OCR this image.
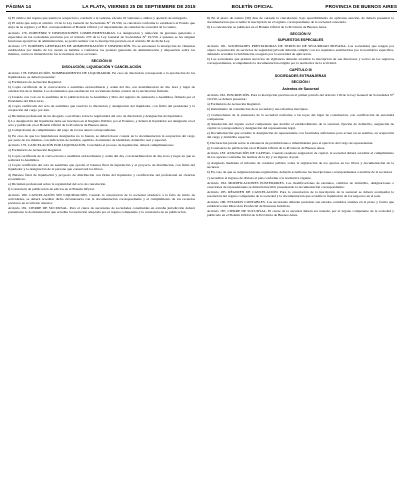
PÁGINA 14	LA PLATA, VIERNES 25 DE SEPTIEMBRE DE 2015	PROVINCIA DE BUENOS AIRES
BOLETÍN OFICIAL

b) El cultivo del órgano que asuma la ocupación o conducir a la ventana, exceda 10 ventanas o ambos y apelarlo de entregarlo.

2) El saldo que surja al artículo 13 de la Ley General de Sociedades N° 19.550, se cancelará conforme lo establezca el Estado que surja de su registro y el Bol. correspondiente al Boletín Oficial y el departamento de cantidad de sociedad de la cuenta.

Artículo 176. PORVENIR Y DISPOSICIONES COMPLEMENTARIAS. La designación y remoción de gerentes generales o especiales en las sociedades previstas por el artículo 270 de la Ley General de Sociedades N° 19.550, a quienes se les asignen funciones ejecutivas de administración, se podrá realizar con la inscripción prevista en el artículo 60 de dicha Ley.

Artículo 177. PODERES GENERALES DE ADMINISTRACIÓN Y DISPOSICIÓN. No se autorizará la inscripción de cláusulas establecidas por medio de los cuales se habilite a conferirse los poderes generales de administración y disposición sobre los mismos, contra la titularidad de los accionistas de las acciones.

SECCIÓN III

DISOLUCIÓN, LIQUIDACIÓN Y CANCELACIÓN

Artículo 178. DISOLUCIÓN, NOMBRAMIENTO DE LIQUIDADOR. En caso de disolución corresponde a la aprobación de los liquidadores, se deberá presentar:

a) Formulario de Actuación Registral.

b) Copia certificada de la convocatoria a asamblea extraordinaria y orden del día, con determinación de día, hora y lugar de celebración de la misma. Los documentos que establecen los accionistas deben constar de la declaración firmada.

c) Cuando con voto en la asamblea de la publicación de la Asamblea y libro del registro de asistencia a Asamblea, firmada por el Presidente del Directorio.

d) Copia certificada del acta de asamblea que resolvió la disolución y designación del liquidador, con firma del presidente y la aceptación del cargo por éste.

e) Dictamen profesional de un abogado o escribano sobre la regularidad del acto de disolución y designación de liquidador.

f) La designación del liquidador debe ser inscripta en el Registro Público por el Estatuto, y deberá el liquidador ser designado en el acta y publicado en el Boletín Oficial de la Provincia de Buenos Aires.

g) Comprobante de cumplimiento del pago de la tasa anual correspondiente.

h) En caso de que los liquidadores designados no lo fueran, se deberá hacer constar en la documentación la aceptación del cargo por parte de los mismos, con indicación de nombre, apellido, documento de identidad, domicilio real y especial.

Artículo 179. CANCELACIÓN POR LIQUIDACIÓN. Concluida el proceso de liquidación, deberá cumplimentarse:

a) Formulario de Actuación Registral.

b) Copia certificada de la convocatoria a asamblea extraordinaria y orden del día, con determinación de día, hora y lugar en que se realizará la Asamblea.

c) Copia certificada del acta de asamblea que aprobó el balance final de liquidación y el proyecto de distribución, con firma del liquidador y la designación de la persona que conservará los libros.

d) Balance final de liquidación y proyecto de distribución con firma del liquidador y certificación del profesional en ciencias económicas.

e) Dictamen profesional sobre la regularidad del acto de cancelación.

f) Constancia de publicación de edictos en el Boletín Oficial.

Artículo 180. CANCELACIÓN SIN LIQUIDACIÓN. Cuando la cancelación de la sociedad obedezca a la falta de inicio de actividades, se deberá acreditar dicha circunstancia con la documentación correspondiente y el cumplimiento de los recaudos previstos en el artículo anterior.

Artículo 181. CIERRE DE SUCURSAL. Para el cierre de sucursales de sociedades constituidas en extraña jurisdicción deberá presentarse la documentación que acredite la resolución adoptada por el órgano competente y la constancia de su publicación.

8) En el plazo de treinta (30) días de cursada la cancelación, bajo apercibimiento de aplicarse sanción, de deberá presentar la documentación que acredite la inscripción en el registro correspondiente de la sociedad cancelada.

9) La cancelación se publicará en el Boletín Oficial de la Provincia de Buenos Aires.

SECCIÓN IV

SUPUESTOS ESPECIALES

Artículo 181. SOCIEDADES PRESTADORAS DE SERVICIO DE SEGURIDAD PRIVADA. Las sociedades que tengan por objeto la prestación de servicios de seguridad privada deberán cumplir con los requisitos establecidos por la normativa específica, debiendo acreditar la habilitación otorgada por la autoridad de aplicación.

b) Las sociedades que presten servicios de vigilancia deberán acreditar la inscripción de sus directores y socios en los registros correspondientes, acompañando la documentación exigida por la normativa de la actividad.

CAPÍTULO III

SOCIEDADES EXTRANJERAS

SECCIÓN I

Asientos de Sucursal

Artículo 182. INSCRIPCIÓN. Para la inscripción prevista en el primer párrafo del artículo 118 de la Ley General de Sociedades N° 19.550, se deberá presentar:

a) Formulario de Actuación Registral.

b) Instrumento de constitución de la sociedad y sus reformas inscriptas.

c) Comprobante de la existencia de la sociedad conforme a las leyes del lugar de constitución, con certificación de autoridad competente.

d) Resolución del órgano social competente que decidió el establecimiento de la sucursal, fijación de domicilio, asignación de capital si correspondiera y designación del representante legal.

e) Documentación que acredite la designación de representante con facultades suficientes para actuar en su nombre, su aceptación del cargo y domicilio especial.

f) Declaración jurada sobre la existencia de prohibiciones e inhabilidades para el ejercicio del cargo de representante.

g) Constancia de publicación en el Boletín Oficial de la Provincia de Buenos Aires.

Artículo 183. ASIGNACIÓN DE CAPITAL. Cuando resultare asignación de capital, la sociedad deberá acreditar el cumplimiento de los aportes conforme las normas de la ley y su ingreso al país.

a) Asignado mediante el informe de contador público sobre la registración de los aportes en los libros y documentación de la sucursal.

b) En caso de que se asignaren bienes registrables, deberán acreditarse las inscripciones correspondientes a nombre de la sociedad.

c) Acreditar el ingreso de divisas al país conforme a la normativa vigente.

Artículo 184. MODIFICACIONES POSTERIORES. Las modificaciones de estatutos, cambios de domicilio, designaciones o cesaciones de representantes se deberán inscribir presentando la documentación correspondiente.

Artículo 185. RÉGIMEN DE CANCELACIÓN. Para la cancelación de la inscripción de la sucursal se deberá acompañar la resolución del órgano competente de la sociedad y la documentación que acredite la liquidación de los negocios en el país.

Artículo 186. ESTADOS CONTABLES. Las sucursales deberán presentar sus estados contables anuales en el plazo y forma que establezca esta Dirección Provincial de Personas Jurídicas.

Artículo 187. CIERRE DE SUCURSAL. El cierre de la sucursal deberá ser resuelto por el órgano competente de la sociedad y publicado en el Boletín Oficial de la Provincia de Buenos Aires.
